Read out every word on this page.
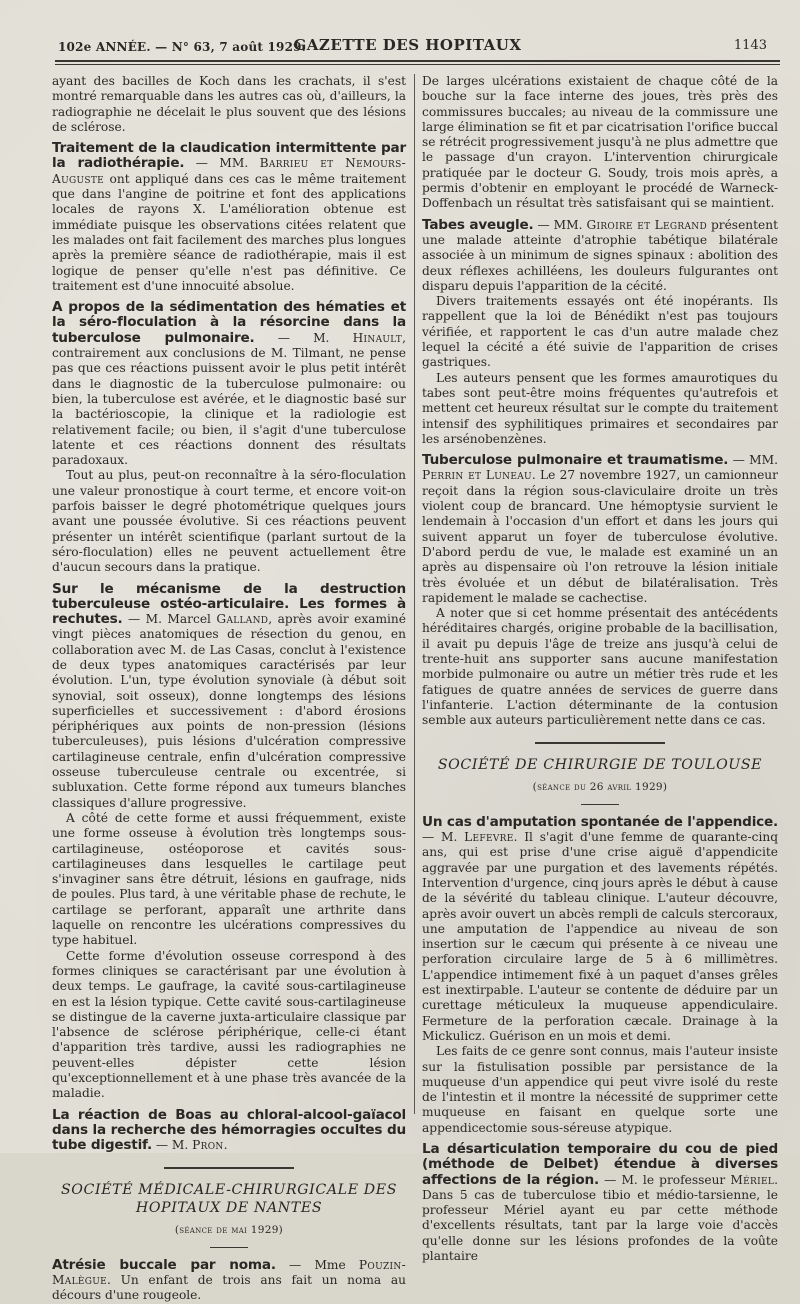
102e ANNÉE. — N° 63, 7 août 1929.
GAZETTE DES HOPITAUX	1143

ayant des bacilles de Koch dans les crachats, il s'est montré remarquable dans les autres cas où, d'ailleurs, la radiographie ne décelait le plus souvent que des lésions de sclérose.

Traitement de la claudication intermittente par la radiothérapie. — MM. Barrieu et Nemours-Auguste ont appliqué dans ces cas le même traitement que dans l'angine de poitrine et font des applications locales de rayons X. L'amélioration obtenue est immédiate puisque les observations citées relatent que les malades ont fait facilement des marches plus longues après la première séance de radiothérapie, mais il est logique de penser qu'elle n'est pas définitive. Ce traitement est d'une innocuité absolue.

A propos de la sédimentation des hématies et la séro-floculation à la résorcine dans la tuberculose pulmonaire. — M. Hinault, contrairement aux conclusions de M. Tilmant, ne pense pas que ces réactions puissent avoir le plus petit intérêt dans le diagnostic de la tuberculose pulmonaire: ou bien, la tuberculose est avérée, et le diagnostic basé sur la bactérioscopie, la clinique et la radiologie est relativement facile; ou bien, il s'agit d'une tuberculose latente et ces réactions donnent des résultats paradoxaux.

Tout au plus, peut-on reconnaître à la séro-floculation une valeur pronostique à court terme, et encore voit-on parfois baisser le degré photométrique quelques jours avant une poussée évolutive. Si ces réactions peuvent présenter un intérêt scientifique (parlant surtout de la séro-floculation) elles ne peuvent actuellement être d'aucun secours dans la pratique.

Sur le mécanisme de la destruction tuberculeuse ostéo-articulaire. Les formes à rechutes. — M. Marcel Galland, après avoir examiné vingt pièces anatomiques de résection du genou, en collaboration avec M. de Las Casas, conclut à l'existence de deux types anatomiques caractérisés par leur évolution. L'un, type évolution synoviale (à début soit synovial, soit osseux), donne longtemps des lésions superficielles et successivement : d'abord érosions périphériques aux points de non-pression (lésions tuberculeuses), puis lésions d'ulcération compressive cartilagineuse centrale, enfin d'ulcération compressive osseuse tuberculeuse centrale ou excentrée, si subluxation. Cette forme répond aux tumeurs blanches classiques d'allure progressive.

A côté de cette forme et aussi fréquemment, existe une forme osseuse à évolution très longtemps sous-cartilagineuse, ostéoporose et cavités sous-cartilagineuses dans lesquelles le cartilage peut s'invaginer sans être détruit, lésions en gaufrage, nids de poules. Plus tard, à une véritable phase de rechute, le cartilage se perforant, apparaît une arthrite dans laquelle on rencontre les ulcérations compressives du type habituel.

Cette forme d'évolution osseuse correspond à des formes cliniques se caractérisant par une évolution à deux temps. Le gaufrage, la cavité sous-cartilagineuse en est la lésion typique. Cette cavité sous-cartilagineuse se distingue de la caverne juxta-articulaire classique par l'absence de sclérose périphérique, celle-ci étant d'apparition très tardive, aussi les radiographies ne peuvent-elles dépister cette lésion qu'exceptionnellement et à une phase très avancée de la maladie.

La réaction de Boas au chloral-alcool-gaïacol dans la recherche des hémorragies occultes du tube digestif. — M. Pron.

SOCIÉTÉ MÉDICALE-CHIRURGICALE DES HOPITAUX DE NANTES
(séance de mai 1929)

Atrésie buccale par noma. — Mme Pouzin-Malègue. Un enfant de trois ans fait un noma au décours d'une rougeole.

De larges ulcérations existaient de chaque côté de la bouche sur la face interne des joues, très près des commissures buccales; au niveau de la commissure une large élimination se fit et par cicatrisation l'orifice buccal se rétrécit progressivement jusqu'à ne plus admettre que le passage d'un crayon. L'intervention chirurgicale pratiquée par le docteur G. Soudy, trois mois après, a permis d'obtenir en employant le procédé de Warneck-Doffenbach un résultat très satisfaisant qui se maintient.

Tabes aveugle. — MM. Giroire et Legrand présentent une malade atteinte d'atrophie tabétique bilatérale associée à un minimum de signes spinaux : abolition des deux réflexes achilléens, les douleurs fulgurantes ont disparu depuis l'apparition de la cécité.

Divers traitements essayés ont été inopérants. Ils rappellent que la loi de Bénédikt n'est pas toujours vérifiée, et rapportent le cas d'un autre malade chez lequel la cécité a été suivie de l'apparition de crises gastriques.

Les auteurs pensent que les formes amaurotiques du tabes sont peut-être moins fréquentes qu'autrefois et mettent cet heureux résultat sur le compte du traitement intensif des syphilitiques primaires et secondaires par les arsénobenzènes.

Tuberculose pulmonaire et traumatisme. — MM. Perrin et Luneau. Le 27 novembre 1927, un camionneur reçoit dans la région sous-claviculaire droite un très violent coup de brancard. Une hémoptysie survient le lendemain à l'occasion d'un effort et dans les jours qui suivent apparut un foyer de tuberculose évolutive. D'abord perdu de vue, le malade est examiné un an après au dispensaire où l'on retrouve la lésion initiale très évoluée et un début de bilatéralisation. Très rapidement le malade se cachectise.

A noter que si cet homme présentait des antécédents héréditaires chargés, origine probable de la bacillisation, il avait pu depuis l'âge de treize ans jusqu'à celui de trente-huit ans supporter sans aucune manifestation morbide pulmonaire ou autre un métier très rude et les fatigues de quatre années de services de guerre dans l'infanterie. L'action déterminante de la contusion semble aux auteurs particulièrement nette dans ce cas.

SOCIÉTÉ DE CHIRURGIE DE TOULOUSE
(séance du 26 avril 1929)

Un cas d'amputation spontanée de l'appendice. — M. Lefevre. Il s'agit d'une femme de quarante-cinq ans, qui est prise d'une crise aiguë d'appendicite aggravée par une purgation et des lavements répétés. Intervention d'urgence, cinq jours après le début à cause de la sévérité du tableau clinique. L'auteur découvre, après avoir ouvert un abcès rempli de calculs stercoraux, une amputation de l'appendice au niveau de son insertion sur le cæcum qui présente à ce niveau une perforation circulaire large de 5 à 6 millimètres. L'appendice intimement fixé à un paquet d'anses grêles est inextirpable. L'auteur se contente de déduire par un curettage méticuleux la muqueuse appendiculaire. Fermeture de la perforation cæcale. Drainage à la Mickulicz. Guérison en un mois et demi.

Les faits de ce genre sont connus, mais l'auteur insiste sur la fistulisation possible par persistance de la muqueuse d'un appendice qui peut vivre isolé du reste de l'intestin et il montre la nécessité de supprimer cette muqueuse en faisant en quelque sorte une appendicectomie sous-séreuse atypique.

La désarticulation temporaire du cou de pied (méthode de Delbet) étendue à diverses affections de la région. — M. le professeur Mériel. Dans 5 cas de tuberculose tibio et médio-tarsienne, le professeur Mériel ayant eu par cette méthode d'excellents résultats, tant par la large voie d'accès qu'elle donne sur les lésions profondes de la voûte plantaire
